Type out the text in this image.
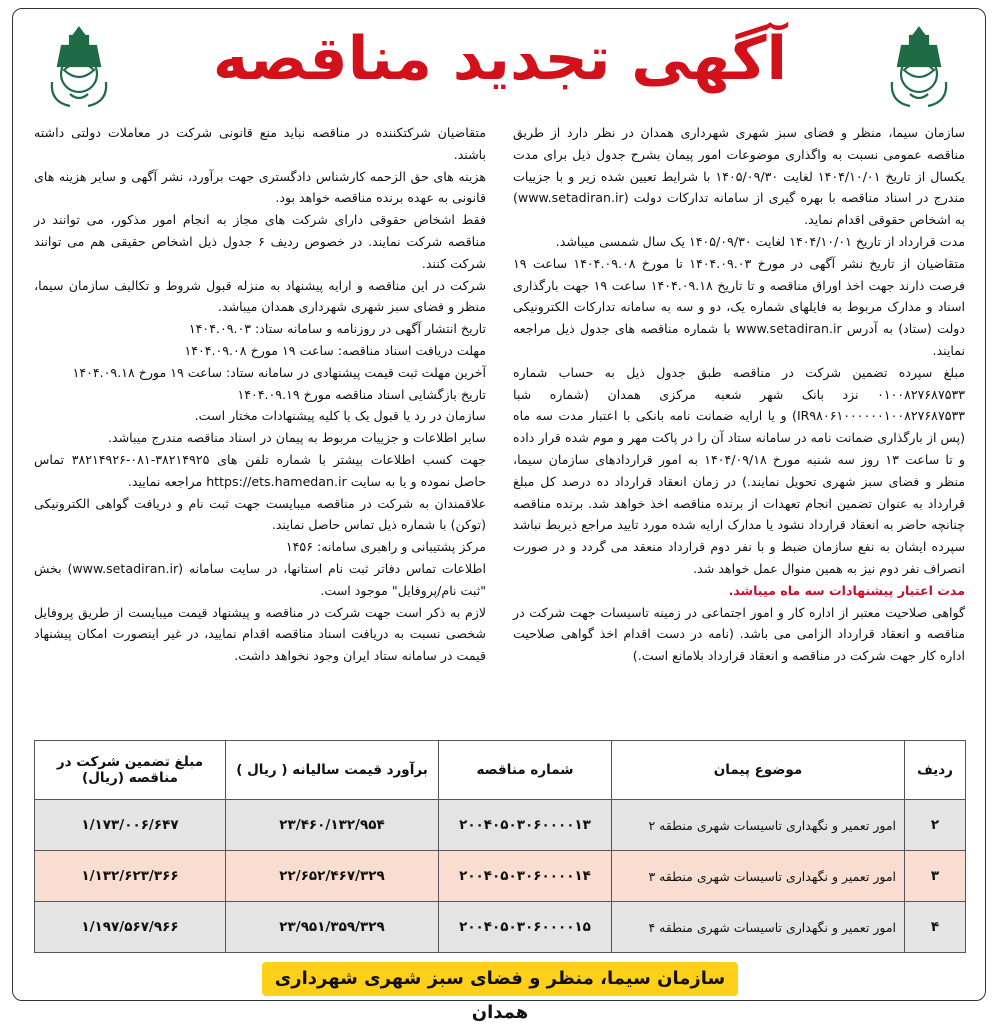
آگهی تجدید مناقصه

سازمان سیما، منظر و فضای سبز شهری شهرداری همدان در نظر دارد از طریق مناقصه عمومی نسبت به واگذاری موضوعات امور پیمان بشرح جدول ذیل برای مدت یکسال از تاریخ ۱۴۰۴/۱۰/۰۱ لغایت ۱۴۰۵/۰۹/۳۰ با شرایط تعیین شده زیر و با جزییات مندرج در اسناد مناقصه با بهره گیری از سامانه تدارکات دولت (www.setadiran.ir) به اشخاص حقوقی اقدام نماید.

مدت قرارداد از تاریخ ۱۴۰۴/۱۰/۰۱ لغایت ۱۴۰۵/۰۹/۳۰ یک سال شمسی میباشد.

متقاضیان از تاریخ نشر آگهی در مورخ ۱۴۰۴.۰۹.۰۳ تا مورخ ۱۴۰۴.۰۹.۰۸ ساعت ۱۹ فرصت دارند جهت اخذ اوراق مناقصه و تا تاریخ ۱۴۰۴.۰۹.۱۸ ساعت ۱۹ جهت بارگذاری اسناد و مدارک مربوط به فایلهای شماره یک، دو و سه به سامانه تدارکات الکترونیکی دولت (ستاد) به آدرس www.setadiran.ir با شماره مناقصه های جدول ذیل مراجعه نمایند.

مبلغ سپرده تضمین شرکت در مناقصه طبق جدول ذیل به حساب شماره ۰۱۰۰۸۲۷۶۸۷۵۳۳ نزد بانک شهر شعبه مرکزی همدان (شماره شبا IR۹۸۰۶۱۰۰۰۰۰۰۱۰۰۸۲۷۶۸۷۵۳۳) و یا ارایه ضمانت نامه بانکی با اعتبار مدت سه ماه (پس از بارگذاری ضمانت نامه در سامانه ستاد آن را در پاکت مهر و موم شده قرار داده و تا ساعت ۱۳ روز سه شنبه مورخ ۱۴۰۴/۰۹/۱۸ به امور قراردادهای سازمان سیما، منظر و فضای سبز شهری تحویل نمایند.) در زمان انعقاد قرارداد ده درصد کل مبلغ قرارداد به عنوان تضمین انجام تعهدات از برنده مناقصه اخذ خواهد شد. برنده مناقصه چنانچه حاضر به انعقاد قرارداد نشود یا مدارک ارایه شده مورد تایید مراجع ذیربط نباشد سپرده ایشان به نفع سازمان ضبط و با نفر دوم قرارداد منعقد می گردد و در صورت انصراف نفر دوم نیز به همین منوال عمل خواهد شد.

مدت اعتبار پیشنهادات سه ماه میباشد.

گواهی صلاحیت معتبر از اداره کار و امور اجتماعی در زمینه تاسیسات جهت شرکت در مناقصه و انعقاد قرارداد الزامی می باشد. (نامه در دست اقدام اخذ گواهی صلاحیت اداره کار جهت شرکت در مناقصه و انعقاد قرارداد بلامانع است.)

متقاضیان شرکتکننده در مناقصه نباید منع قانونی شرکت در معاملات دولتی داشته باشند.

هزینه های حق الزحمه کارشناس دادگستری جهت برآورد، نشر آگهی و سایر هزینه های قانونی به عهده برنده مناقصه خواهد بود.

فقط اشخاص حقوقی دارای شرکت های مجاز به انجام امور مذکور، می توانند در مناقصه شرکت نمایند. در خصوص ردیف ۶ جدول ذیل اشخاص حقیقی هم می توانند شرکت کنند.

شرکت در این مناقصه و ارایه پیشنهاد به منزله قبول شروط و تکالیف سازمان سیما، منظر و فضای سبز شهری شهرداری همدان میباشد.

تاریخ انتشار آگهی در روزنامه و سامانه ستاد: ۱۴۰۴.۰۹.۰۳

مهلت دریافت اسناد مناقصه: ساعت ۱۹ مورخ ۱۴۰۴.۰۹.۰۸

آخرین مهلت ثبت قیمت پیشنهادی در سامانه ستاد: ساعت ۱۹ مورخ ۱۴۰۴.۰۹.۱۸

تاریخ بازگشایی اسناد مناقصه مورخ ۱۴۰۴.۰۹.۱۹

سازمان در رد یا قبول یک یا کلیه پیشنهادات مختار است.

سایر اطلاعات و جزییات مربوط به پیمان در اسناد مناقصه مندرج میباشد.

جهت کسب اطلاعات بیشتر با شماره تلفن های ۳۸۲۱۴۹۲۵-۰۸۱-۳۸۲۱۴۹۲۶ تماس حاصل نموده و یا به سایت https://ets.hamedan.ir مراجعه نمایید.

علاقمندان به شرکت در مناقصه میبایست جهت ثبت نام و دریافت گواهی الکترونیکی (توکن) با شماره ذیل تماس حاصل نمایند.

مرکز پشتیبانی و راهبری سامانه: ۱۴۵۶

اطلاعات تماس دفاتر ثبت نام استانها، در سایت سامانه (www.setadiran.ir) بخش "ثبت نام/پروفایل" موجود است.

لازم به ذکر است جهت شرکت در مناقصه و پیشنهاد قیمت میبایست از طریق پروفایل شخصی نسبت به دریافت اسناد مناقصه اقدام نمایید، در غیر اینصورت امکان پیشنهاد قیمت در سامانه ستاد ایران وجود نخواهد داشت.

ردیف	موضوع پیمان	شماره مناقصه	برآورد قیمت سالیانه ( ریال )	مبلغ تضمین شرکت در مناقصه (ریال)
۲	امور تعمیر و نگهداری تاسیسات شهری منطقه ۲	۲۰۰۴۰۵۰۳۰۶۰۰۰۰۱۳	۲۳/۴۶۰/۱۳۲/۹۵۴	۱/۱۷۳/۰۰۶/۶۴۷
۳	امور تعمیر و نگهداری تاسیسات شهری منطقه ۳	۲۰۰۴۰۵۰۳۰۶۰۰۰۰۱۴	۲۲/۶۵۲/۴۶۷/۳۲۹	۱/۱۳۲/۶۲۳/۳۶۶
۴	امور تعمیر و نگهداری تاسیسات شهری منطقه ۴	۲۰۰۴۰۵۰۳۰۶۰۰۰۰۱۵	۲۳/۹۵۱/۳۵۹/۳۲۹	۱/۱۹۷/۵۶۷/۹۶۶
سازمان سیما، منظر و فضای سبز شهری شهرداری همدان
